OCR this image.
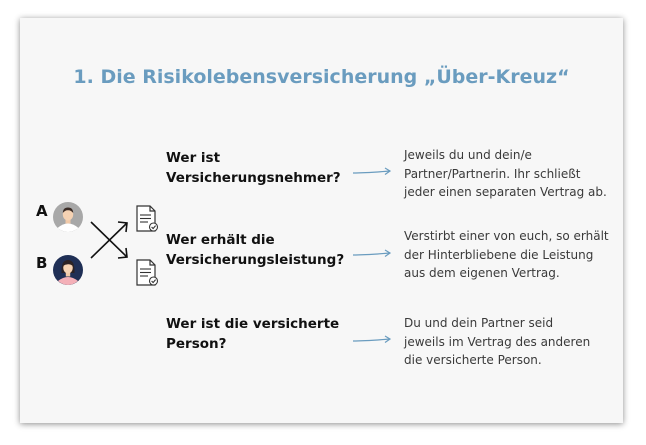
1. Die Risikolebensversicherung „Über-Kreuz“
A
B
Wer ist
Versicherungsnehmer?
Jeweils du und dein/e
Partner/Partnerin. Ihr schließt
jeder einen separaten Vertrag ab.
Wer erhält die
Versicherungsleistung?
Verstirbt einer von euch, so erhält
der Hinterbliebene die Leistung
aus dem eigenen Vertrag.
Wer ist die versicherte
Person?
Du und dein Partner seid
jeweils im Vertrag des anderen
die versicherte Person.
